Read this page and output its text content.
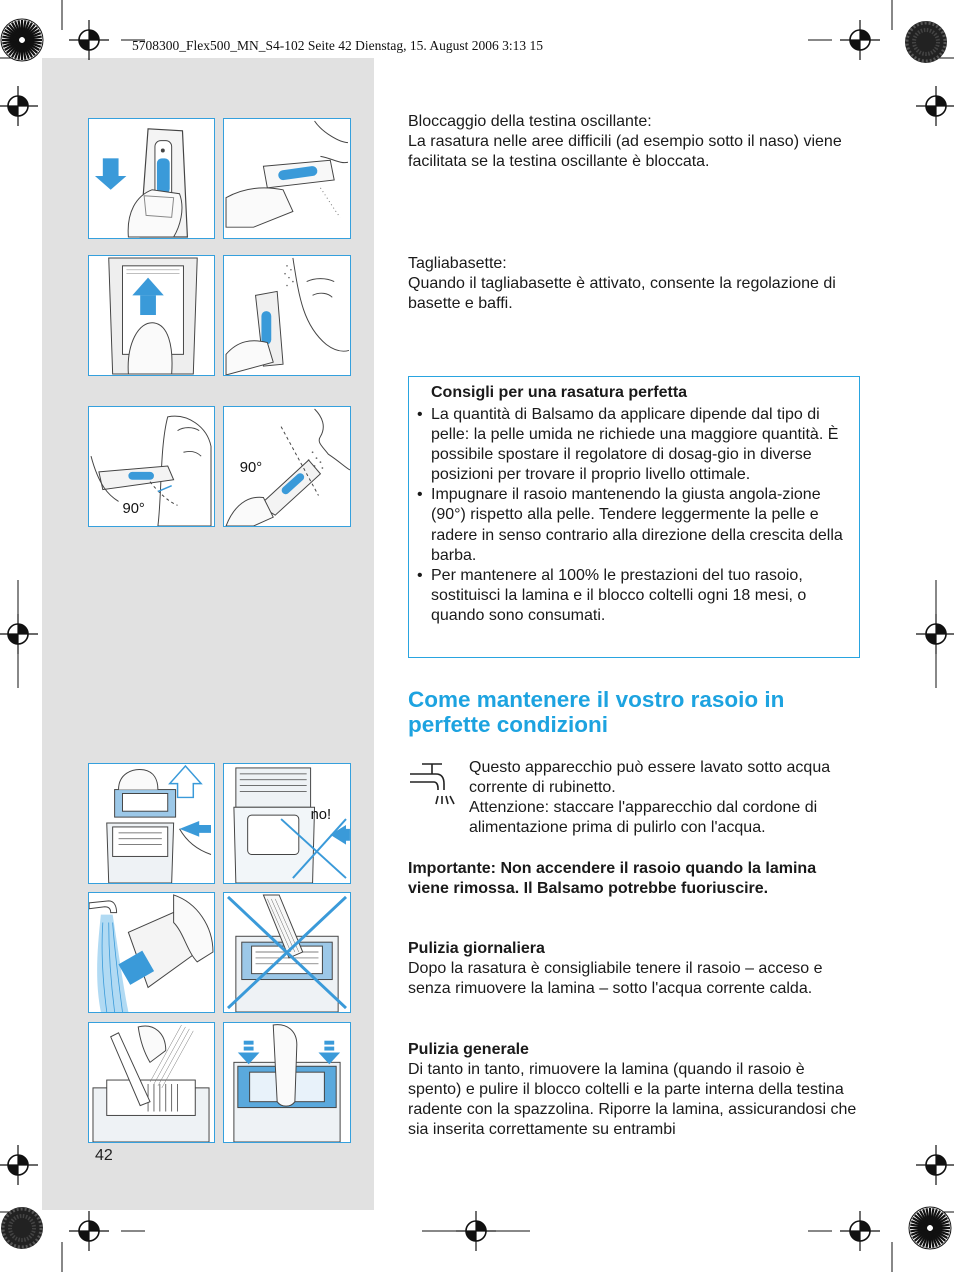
5708300_Flex500_MN_S4-102 Seite 42 Dienstag, 15. August 2006 3:13 15
90°
90°
no!
42
Bloccaggio della testina oscillante:
La rasatura nelle aree difficili (ad esempio sotto il naso) viene facilitata se la testina oscillante è bloccata.
Tagliabasette:
Quando il tagliabasette è attivato, consente la regolazione di basette e baffi.
Consigli per una rasatura perfetta
• La quantità di Balsamo da applicare dipende dal tipo di pelle: la pelle umida ne richiede una maggiore quantità. È possibile spostare il regolatore di dosag-gio in diverse posizioni per trovare il proprio livello ottimale.
• Impugnare il rasoio mantenendo la giusta angola-zione (90°) rispetto alla pelle. Tendere leggermente la pelle e radere in senso contrario alla direzione della crescita della barba.
• Per mantenere al 100% le prestazioni del tuo rasoio, sostituisci la lamina e il blocco coltelli ogni 18 mesi, o quando sono consumati.
Come mantenere il vostro rasoio in perfette condizioni
Questo apparecchio può essere lavato sotto acqua corrente di rubinetto.
Attenzione: staccare l'apparecchio dal cordone di alimentazione prima di pulirlo con l'acqua.
Importante: Non accendere il rasoio quando la lamina viene rimossa. Il Balsamo potrebbe fuoriuscire.
Pulizia giornaliera
Dopo la rasatura è consigliabile tenere il rasoio – acceso e senza rimuovere la lamina – sotto l'acqua corrente calda.
Pulizia generale
Di tanto in tanto, rimuovere la lamina (quando il rasoio è spento) e pulire il blocco coltelli e la parte interna della testina radente con la spazzolina. Riporre la lamina, assicurandosi che sia inserita correttamente su entrambi
